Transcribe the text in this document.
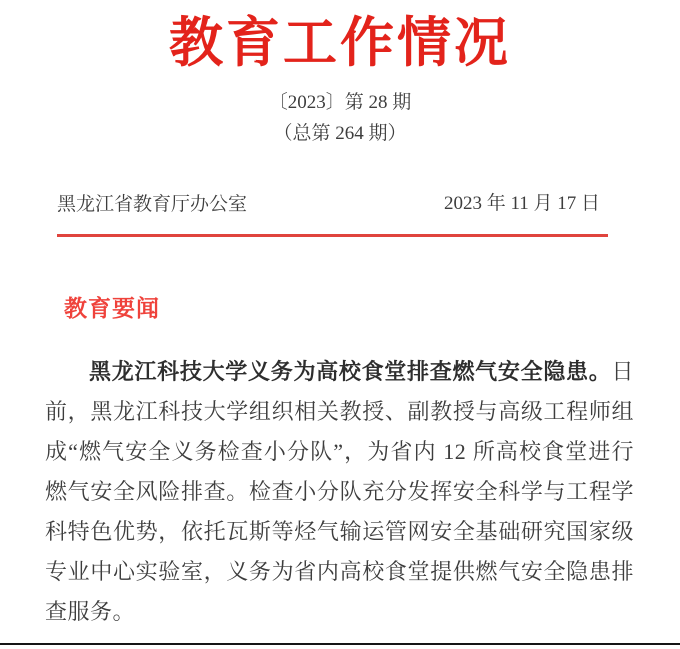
教育工作情况
〔2023〕第 28 期
（总第 264 期）
黑龙江省教育厅办公室	2023 年 11 月 17 日
教育要闻

黑龙江科技大学义务为高校食堂排查燃气安全隐患。日前，黑龙江科技大学组织相关教授、副教授与高级工程师组成“燃气安全义务检查小分队”，为省内 12 所高校食堂进行燃气安全风险排查。检查小分队充分发挥安全科学与工程学科特色优势，依托瓦斯等烃气输运管网安全基础研究国家级专业中心实验室，义务为省内高校食堂提供燃气安全隐患排查服务。
